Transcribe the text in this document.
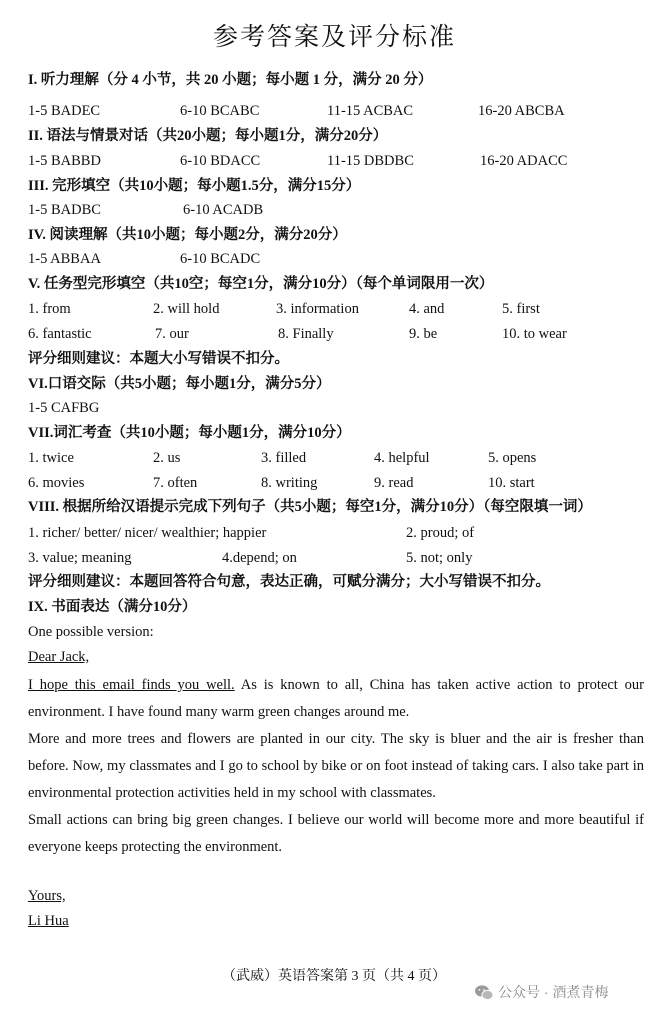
参考答案及评分标准
I. 听力理解（分 4 小节，共 20 小题；每小题 1 分，满分 20 分）
1-5 BADEC	6-10 BCABC	11-15 ACBAC	16-20 ABCBA
II. 语法与情景对话（共20小题；每小题1分，满分20分）
1-5 BABBD	6-10 BDACC	11-15 DBDBC	16-20 ADACC
III. 完形填空（共10小题；每小题1.5分，满分15分）
1-5 BADBC	6-10 ACADB
IV. 阅读理解（共10小题；每小题2分，满分20分）
1-5 ABBAA	6-10 BCADC
V. 任务型完形填空（共10空；每空1分，满分10分）（每个单词限用一次）
1. from	2. will hold	3. information	4. and	5. first
6. fantastic	7. our	8. Finally	9. be	10. to wear
评分细则建议：本题大小写错误不扣分。
VI.口语交际（共5小题；每小题1分，满分5分）
1-5 CAFBG
VII.词汇考查（共10小题；每小题1分，满分10分）
1. twice	2. us	3. filled	4. helpful	5. opens
6. movies	7. often	8. writing	9. read	10. start
VIII. 根据所给汉语提示完成下列句子（共5小题；每空1分，满分10分）（每空限填一词）
1. richer/ better/ nicer/ wealthier; happier	2. proud; of
3. value; meaning	4.depend; on	5. not; only
评分细则建议：本题回答符合句意，表达正确，可赋分满分；大小写错误不扣分。
IX. 书面表达（满分10分）
One possible version:
Dear Jack,

I hope this email finds you well. As is known to all, China has taken active action to protect our environment. I have found many warm green changes around me.

More and more trees and flowers are planted in our city. The sky is bluer and the air is fresher than before. Now, my classmates and I go to school by bike or on foot instead of taking cars. I also take part in environmental protection activities held in my school with classmates.

Small actions can bring big green changes. I believe our world will become more and more beautiful if everyone keeps protecting the environment.

Yours,
Li Hua
（武威）英语答案第 3 页（共 4 页）
公众号 · 酒煮青梅
